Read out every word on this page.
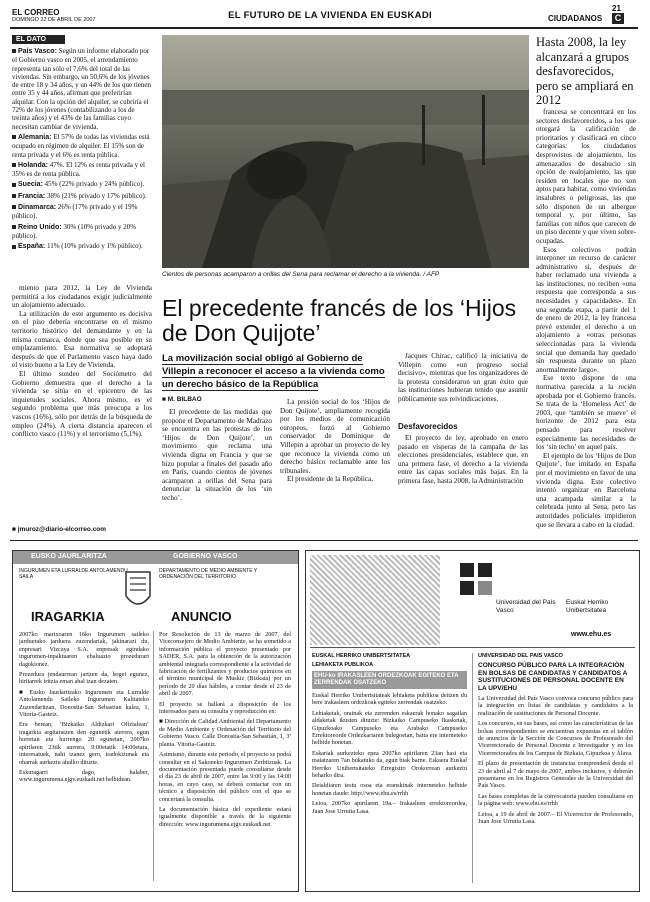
EL CORREO
DOMINGO 22 DE ABRIL DE 2007	EL FUTURO DE LA VIVIENDA EN EUSKADI
21
CIUDADANOS	C
EL DATO

País Vasco: Según un informe elaborado por el Gobierno vasco en 2005, el arrendamiento representa tan sólo el 7,6% del total de las viviendas. Sin embargo, un 50,6% de los jóvenes de entre 18 y 34 años, y un 44% de los que tienen entre 35 y 44 años, afirman que preferirían alquilar. Con la opción del alquiler, se cubriría el 72% de los jóvenes (contabilizando a los de treinta años) y el 43% de las familias cuyo necesitan cambiar de vivienda.

Alemania: El 57% de todas las viviendas está ocupado en régimen de alquiler. El 15% son de renta privada y el 6% es renta pública.

Holanda: 47%. El 12% es renta privada y el 35% es de renta pública.

Suecia: 45% (22% privado y 24% público).

Francia: 38% (21% privado y 17% público).

Dinamarca: 26% (17% privado y el 19% público).

Reino Unido: 30% (10% privado y 20% público).

España: 11% (10% privado y 1% público).

Cientos de personas acamparon a orillas del Sena para reclamar el derecho a la vivienda. / AFP
Hasta 2008, la ley alcanzará a grupos desfavorecidos, pero se ampliará en 2012

francesa se concentrará en los sectores desfavorecidos, a los que otorgará la calificación de prioritarios y clasificará en cinco categorías: los ciudadanos desprovistos de alojamiento, los amenazados de desahucio sin opción de realojamiento, las que residen en locales que no son aptos para habitar, como viviendas insalubres o peligrosas, las que sólo disponen de un albergue temporal y, por último, las familias con niños que carecen de un piso decente y que viven sobre-ocupadas.

Esos colectivos podrán interponer un recurso de carácter administrativo si, después de haber reclamado una vivienda a las instituciones, no reciben «una respuesta que corresponda a sus necesidades y capacidades». En una segunda etapa, a partir del 1 de enero de 2012, la ley francesa prevé extender el derecho a un alojamiento a «otras personas seleccionadas para la vivienda social que demanda hay quedado sin respuesta durante un plazo anormalmente largo».

Ese texto dispone de una normativa parecida a la recién aprobada por el Gobierno francés. Se trata de la ‘Homeless Act’ de 2003, que ‘también se mueve’ el horizonte de 2012 para esta pensado para resolver especialmente las necesidades de los ‘sin techo’ en aquel país.

El ejemplo de los ‘Hijos de Don Quijote’, fue imitado en España por el movimiento en favor de una vivienda digna. Este colectivo intentó organizar en Barcelona una acampada similar a la celebrada junto al Sena, pero las autoridades policiales impidieron que se llevara a cabo en la ciudad.

miento para 2012, la Ley de Vivienda permitirá a los ciudadanos exigir judicialmente un alojamiento adecuado.

La utilización de este argumento es decisiva en el piso debería encontrarse en el mismo territorio histórico del demandante y en la misma comarca, donde que sea posible en su emplazamiento. Esa normativa se adoptará después de que el Parlamento vasco haya dado el visto bueno a la Ley de Vivienda.

El último sondeo del Sociómetro del Gobierno demuestra que el derecho a la vivienda se sitúa en el epicentro de las inquietudes sociales. Ahora mismo, es el segundo problema que más preocupa a los vascos (16%), sólo por detrás de la búsqueda de empleo (24%). A cierta distancia aparecen el conflicto vasco (11%) y el terrorismo (5,1%).

■ jmuroz@diario-elcorreo.com
El precedente francés de los ‘Hijos de Don Quijote’
La movilización social obligó al Gobierno de Villepin a reconocer el acceso a la vivienda como un derecho básico de la República
■ M. BILBAO

El precedente de las medidas que propone el Departamento de Madrazo se encuentra en las protestas de los ‘Hijos de Don Quijote’, un movimiento que reclama una vivienda digna en Francia y que se hizo popular a finales del pasado año en París, cuando cientos de jóvenes acamparon a orillas del Sena para denunciar la situación de los ‘sin techo’.

La presión social de los ‘Hijos de Don Quijote’, ampliamente recogida por los medios de comunicación europeos, forzó al Gobierno conservador de Dominique de Villepin a aprobar un proyecto de ley que reconoce la vivienda como un derecho básico reclamable ante los tribunales.

El presidente de la República,

Jacques Chirac, calificó la iniciativa de Villepin como «un progreso social decisivo», mientras que los organizadores de la protesta consideraron un gran éxito que las instituciones hubieran tenido que asumir públicamente sus reivindicaciones.

Desfavorecidos

El proyecto de ley, aprobado en enero pasado en vísperas de la campaña de las elecciones presidenciales, establece que, en una primera fase, el derecho a la vivienda entre las capas sociales más bajas. En la primera fase, hasta 2008, la Administración

EUSKO JAURLARITZA	GOBIERNO VASCO
INGURUMEN ETA LURRALDE ANTOLAMENDU SAILA
DEPARTAMENTO DE MEDIO AMBIENTE Y ORDENACIÓN DEL TERRITORIO
IRAGARKIA	ANUNCIO

2007ko martxoaren 16ko Ingurumen saileko jarduerako jarduera zuzendariak, jakinarazi du, enpresari Vizcaya S.A. enpresak egindako ingurumen-inpaktuaren ebaluazio prozedurari dagokionez.

Prozedura jendaurrean jartzen da, hogei egunez, hiritarrek iritzia eman ahal izan dezaten.

■ Eusko Jaurlaritzako Ingurumen eta Lurralde Antolamendu Saileko Ingurumen Kalitateko Zuzendaritzan, Donostia-San Sebastian kalea, 1, Vitoria-Gasteiz.

Era berean, ‘Bizkaiko Aldizkari Ofizialean’ iragarkia argitaratzen den egunetik aurrera, egun horretan eta hurrengo 20 egunetan, 2007ko apirilaren 23tik aurrera, 9:00etatik 14:00etara, interesatuek, nahi izanez gero, iradokizunak eta oharrak aurkeztu ahalko dituzte.

Eskuragarri dago, halaber, www.ingurumena.ejgv.euskadi.net helbidean.

Por Resolución de 13 de marzo de 2007, del Viceconsejero de Medio Ambiente, se ha sometido a información pública el proyecto presentado por SADER, S.A. para la obtención de la autorización ambiental integrada correspondiente a la actividad de fabricación de fertilizantes y productos químicos en el término municipal de Muskiz (Bizkaia) por un período de 20 días hábiles, a contar desde el 23 de abril de 2007.

El proyecto se hallará a disposición de los interesados para su consulta y reproducción en:

■ Dirección de Calidad Ambiental del Departamento de Medio Ambiente y Ordenación del Territorio del Gobierno Vasco. Calle Donostia-San Sebastián, 1, 3ª planta. Vitoria-Gasteiz.

Asimismo, durante este periodo, el proyecto se podrá consultar en el Sakoneko Ingurumen Zerbitzuak. La documentación presentada puede consultarse desde el día 23 de abril de 2007, entre las 9:00 y las 14:00 horas, en cuyo caso, se deberá contactar con un técnico a disposición del público con el que se concertará la consulta.

La documentación básica del expediente estará igualmente disponible a través de la siguiente dirección: www.ingurumena.ejgv.euskadi.net

Universidad del País Vasco
Euskal Herriko Unibertsitatea
www.ehu.es
EUSKAL HERRIKO UNIBERTSITATEA
LEHIAKETA PUBLIKOA
EHU-ko IRAKASLEEN ORDEZKOAK EGITEKO ETA ZERRENDAK OSATZEKO

Euskal Herriko Unibertsitateak lehiaketa publikoa deitzen du bere irakasleen ordezkoak egiteko zerrendak osatzeko.

Lehiaketak, orainak eta zerrenden eskaerak honako sagailan aldaketak ikusten dituzte: Bizkaiko Campuseko Ikasketak, Gipuzkoako Campuseko eta Arabako Campuseko Errektoreorde Ordezkariaren bulegoetan, baita ere interneteko helbide honetan.

Eskariak aurkezteko epea 2007ko apirilaren 23an hasi eta maiatzaren 7an bukatuko da, egun biak barne. Eskaera Euskal Herriko Unibertsitateko Erregistro Orokorrean aurkeztu beharko dira.

Deialdiaren testu osoa eta eranskinak interneteko helbide honetan daude: http://www.ehu.es/rrhh

Leioa, 2007ko apirilaren 19a.– Irakasleen errektoreordea, Juan Jose Urrutia Lasa.

UNIVERSIDAD DEL PAÍS VASCO
CONCURSO PÚBLICO PARA LA INTEGRACIÓN EN BOLSAS DE CANDIDATAS Y CANDIDATOS A SUSTITUCIONES DE PERSONAL DOCENTE EN LA UPV/EHU

La Universidad del País Vasco convoca concurso público para la integración en listas de candidatas y candidatos a la realización de sustituciones de Personal Docente.

Los concursos, en sus bases, así como las características de las bolsas correspondientes se encuentran expuestas en el tablón de anuncios de la Sección de Concursos de Profesorado del Vicerrectorado de Personal Docente e Investigador y en los Vicerrectorados de los Campus de Bizkaia, Gipuzkoa y Álava.

El plazo de presentación de instancias comprenderá desde el 23 de abril al 7 de mayo de 2007, ambos inclusive, y deberán presentarse en los Registros Generales de la Universidad del País Vasco.

Las bases completas de la convocatoria pueden consultarse en la página web: www.ehu.es/rrhh

Leioa, a 19 de abril de 2007.– El Vicerrector de Profesorado, Juan Jose Urrutia Lasa.
